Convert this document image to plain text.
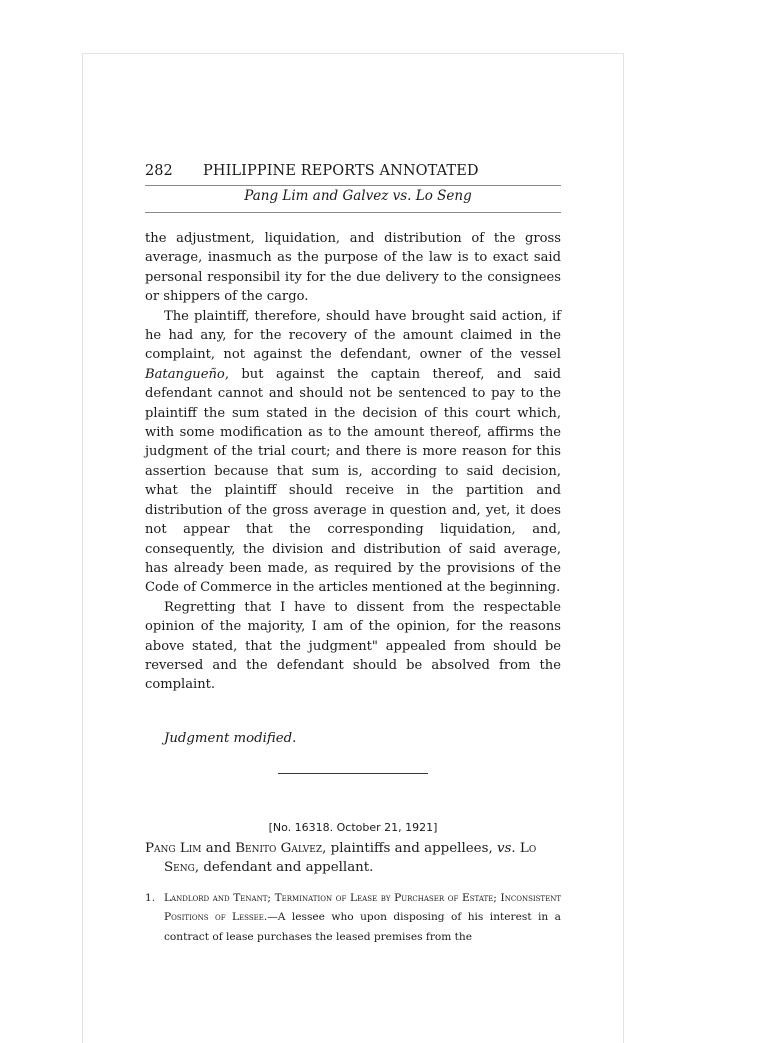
282	PHILIPPINE REPORTS ANNOTATED
Pang Lim and Galvez vs. Lo Seng

the adjustment, liquidation, and distribution of the gross average, inasmuch as the purpose of the law is to exact said personal responsibil ity for the due delivery to the consignees or shippers of the cargo.

The plaintiff, therefore, should have brought said action, if he had any, for the recovery of the amount claimed in the complaint, not against the defendant, owner of the vessel Batangueño, but against the captain thereof, and said defendant cannot and should not be sentenced to pay to the plaintiff the sum stated in the decision of this court which, with some modification as to the amount thereof, affirms the judgment of the trial court; and there is more reason for this assertion because that sum is, according to said decision, what the plaintiff should receive in the partition and distribution of the gross average in question and, yet, it does not appear that the corresponding liquidation, and, consequently, the division and distribution of said average, has already been made, as required by the provisions of the Code of Commerce in the articles mentioned at the beginning.

Regretting that I have to dissent from the respectable opinion of the majority, I am of the opinion, for the reasons above stated, that the judgment" appealed from should be reversed and the defendant should be absolved from the complaint.

Judgment modified.
[No. 16318. October 21, 1921]
Pang Lim and Benito Galvez, plaintiffs and appellees, vs. Lo Seng, defendant and appellant.
1. Landlord and Tenant; Termination of Lease by Purchaser of Estate; Inconsistent Positions of Lessee.—A lessee who upon disposing of his interest in a contract of lease purchases the leased premises from the
